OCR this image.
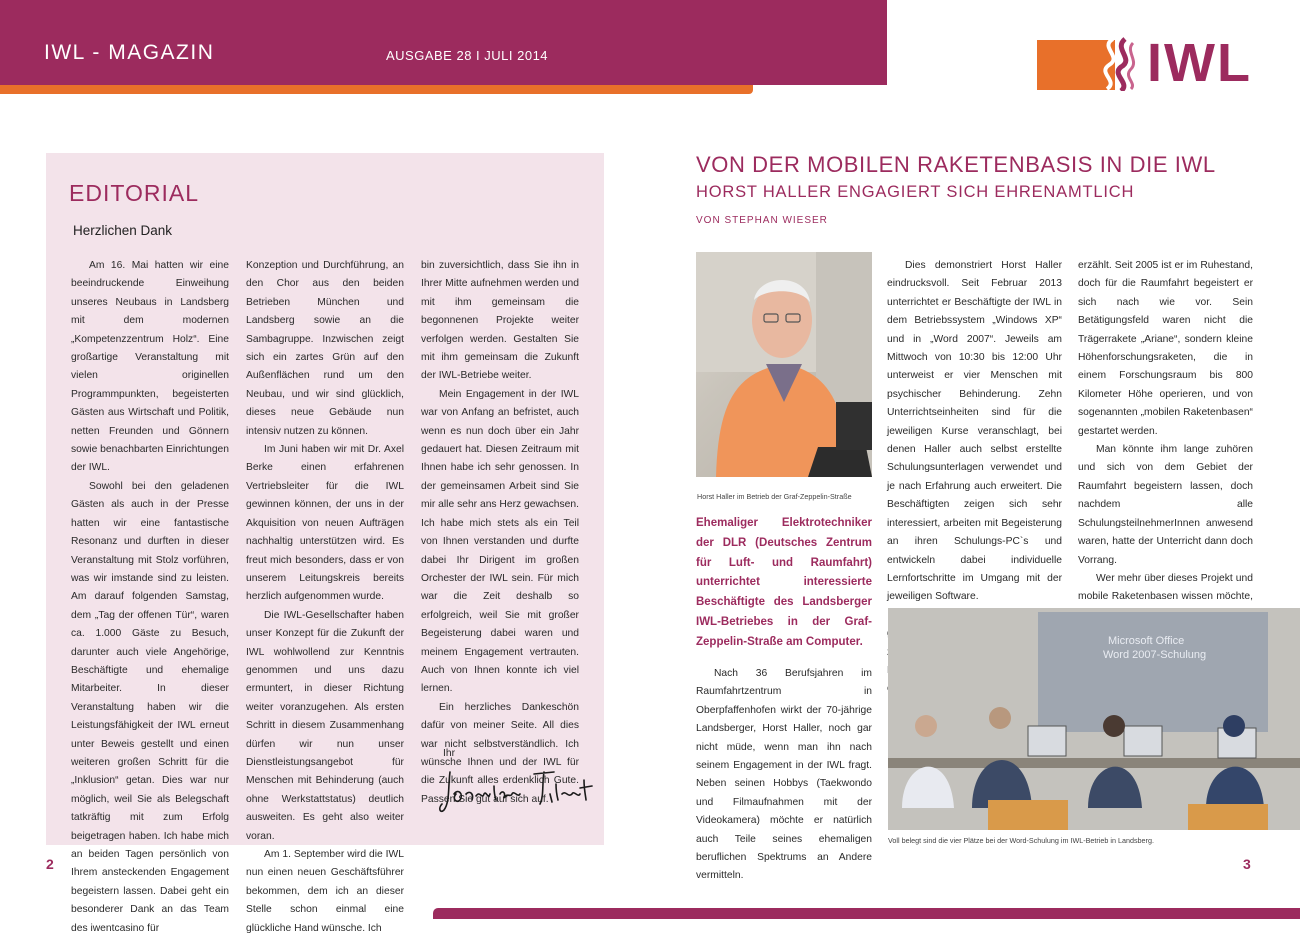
IWL - MAGAZIN	AUSGABE 28 I JULI 2014	IWL
EDITORIAL
Herzlichen Dank

Am 16. Mai hatten wir eine beeindruckende Einweihung unseres Neubaus in Landsberg mit dem modernen „Kompetenzzentrum Holz“. Eine großartige Veranstaltung mit vielen originellen Programmpunkten, begeisterten Gästen aus Wirtschaft und Politik, netten Freunden und Gönnern sowie benachbarten Einrichtungen der IWL.

Sowohl bei den geladenen Gästen als auch in der Presse hatten wir eine fantastische Resonanz und durften in dieser Veranstaltung mit Stolz vorführen, was wir imstande sind zu leisten. Am darauf folgenden Samstag, dem „Tag der offenen Tür“, waren ca. 1.000 Gäste zu Besuch, darunter auch viele Angehörige, Beschäftigte und ehemalige Mitarbeiter. In dieser Veranstaltung haben wir die Leistungsfähigkeit der IWL erneut unter Beweis gestellt und einen weiteren großen Schritt für die „Inklusion“ getan. Dies war nur möglich, weil Sie als Belegschaft tatkräftig mit zum Erfolg beigetragen haben. Ich habe mich an beiden Tagen persönlich von Ihrem ansteckenden Engagement begeistern lassen. Dabei geht ein besonderer Dank an das Team des iwentcasino für

Konzeption und Durchführung, an den Chor aus den beiden Betrieben München und Landsberg sowie an die Sambagruppe. Inzwischen zeigt sich ein zartes Grün auf den Außenflächen rund um den Neubau, und wir sind glücklich, dieses neue Gebäude nun intensiv nutzen zu können.

Im Juni haben wir mit Dr. Axel Berke einen erfahrenen Vertriebsleiter für die IWL gewinnen können, der uns in der Akquisition von neuen Aufträgen nachhaltig unterstützen wird. Es freut mich besonders, dass er von unserem Leitungskreis bereits herzlich aufgenommen wurde.

Die IWL-Gesellschafter haben unser Konzept für die Zukunft der IWL wohlwollend zur Kenntnis genommen und uns dazu ermuntert, in dieser Richtung weiter voranzugehen. Als ersten Schritt in diesem Zusammenhang dürfen wir nun unser Dienstleistungsangebot für Menschen mit Behinderung (auch ohne Werkstattstatus) deutlich ausweiten. Es geht also weiter voran.

Am 1. September wird die IWL nun einen neuen Geschäftsführer bekommen, dem ich an dieser Stelle schon einmal eine glückliche Hand wünsche. Ich

bin zuversichtlich, dass Sie ihn in Ihrer Mitte aufnehmen werden und mit ihm gemeinsam die begonnenen Projekte weiter verfolgen werden. Gestalten Sie mit ihm gemeinsam die Zukunft der IWL-Betriebe weiter.

Mein Engagement in der IWL war von Anfang an befristet, auch wenn es nun doch über ein Jahr gedauert hat. Diesen Zeitraum mit Ihnen habe ich sehr genossen. In der gemeinsamen Arbeit sind Sie mir alle sehr ans Herz gewachsen. Ich habe mich stets als ein Teil von Ihnen verstanden und durfte dabei Ihr Dirigent im großen Orchester der IWL sein. Für mich war die Zeit deshalb so erfolgreich, weil Sie mit großer Begeisterung dabei waren und meinem Engagement vertrauten. Auch von Ihnen konnte ich viel lernen.

Ein herzliches Dankeschön dafür von meiner Seite. All dies war nicht selbstverständlich. Ich wünsche Ihnen und der IWL für die Zukunft alles erdenklich Gute. Passen Sie gut auf sich auf.

Ihr
VON DER MOBILEN RAKETENBASIS IN DIE IWL
HORST HALLER ENGAGIERT SICH EHRENAMTLICH
VON STEPHAN WIESER
Horst Haller im Betrieb der Graf-Zeppelin-Straße

Ehemaliger Elektrotechniker der DLR (Deutsches Zentrum für Luft- und Raumfahrt) unterrichtet interessierte Beschäftigte des Landsberger IWL-Betriebes in der Graf-Zeppelin-Straße am Computer.

Nach 36 Berufsjahren im Raumfahrtzentrum in Oberpfaffenhofen wirkt der 70-jährige Landsberger, Horst Haller, noch gar nicht müde, wenn man ihn nach seinem Engagement in der IWL fragt. Neben seinen Hobbys (Taekwondo und Filmaufnahmen mit der Videokamera) möchte er natürlich auch Teile seines ehemaligen beruflichen Spektrums an Andere vermitteln.

Dies demonstriert Horst Haller eindrucksvoll. Seit Februar 2013 unterrichtet er Beschäftigte der IWL in dem Betriebssystem „Windows XP“ und in „Word 2007“. Jeweils am Mittwoch von 10:30 bis 12:00 Uhr unterweist er vier Menschen mit psychischer Behinderung. Zehn Unterrichtseinheiten sind für die jeweiligen Kurse veranschlagt, bei denen Haller auch selbst erstellte Schulungsunterlagen verwendet und je nach Erfahrung auch erweitert. Die Beschäftigten zeigen sich sehr interessiert, arbeiten mit Begeisterung an ihren Schulungs-PC`s und entwickeln dabei individuelle Lernfortschritte im Umgang mit der jeweiligen Software.

erzählt. Seit 2005 ist er im Ruhestand, doch für die Raumfahrt begeistert er sich nach wie vor. Sein Betätigungsfeld waren nicht die Trägerrakete „Ariane“, sondern kleine Höhenforschungsraketen, die in einem Forschungsraum bis 800 Kilometer Höhe operieren, und von sogenannten „mobilen Raketenbasen“ gestartet werden.

Man könnte ihm lange zuhören und sich von dem Gebiet der Raumfahrt begeistern lassen, doch nachdem alle SchulungsteilnehmerInnen anwesend waren, hatte der Unterricht dann doch Vorrang.

Wer mehr über dieses Projekt und mobile Raketenbasen wissen möchte,

Microsoft Office
Word 2007-Schulung
Voll belegt sind die vier Plätze bei der Word-Schulung im IWL-Betrieb in Landsberg.
2	3
